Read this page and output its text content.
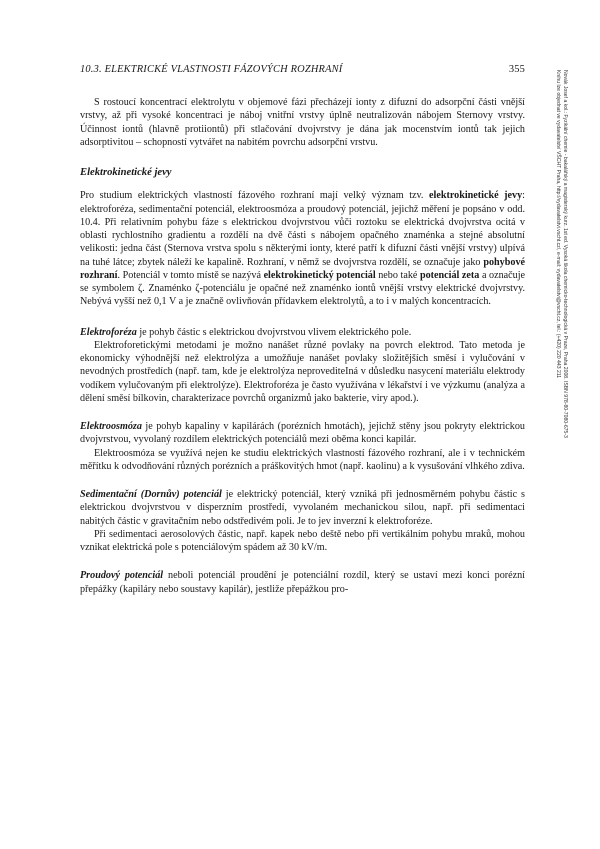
10.3. ELEKTRICKÉ VLASTNOSTI FÁZOVÝCH ROZHRANÍ	355
Novák Josef a kol.: Fyzikální chemie - bakalářský a magisterský kurz. 1st ed. Vysoká škola chemicko-technologická v Praze, Praha 2008. ISBN 978-80-7080-675-3
Knihu lze objednat ve vydavatelství VŠCHT Praha, http://vydavatelstvi.vscht.cz/, e-mail: vydavatelstvi@vscht.cz, tel.: (+420) 220 443 211

S rostoucí koncentrací elektrolytu v objemové fázi přecházejí ionty z difuzní do adsorpční části vnější vrstvy, až při vysoké koncentraci je náboj vnitřní vrstvy úplně neutralizován nábojem Sternovy vrstvy. Účinnost iontů (hlavně protiiontů) při stlačování dvojvrstvy je dána jak mocenstvím iontů tak jejich adsorptivitou – schopností vytvářet na nabitém povrchu adsorpční vrstvu.

Elektrokinetické jevy

Pro studium elektrických vlastností fázového rozhraní mají velký význam tzv. elektrokinetické jevy: elektroforéza, sedimentační potenciál, elektroosmóza a proudový potenciál, jejichž měření je popsáno v odd. 10.4. Při relativním pohybu fáze s elektrickou dvojvrstvou vůči roztoku se elektrická dvojvrstva ocitá v oblasti rychlostního gradientu a rozdělí na dvě části s nábojem opačného znaménka a stejné absolutní velikosti: jedna část (Sternova vrstva spolu s některými ionty, které patří k difuzní části vnější vrstvy) ulpívá na tuhé látce; zbytek náleží ke kapalině. Rozhraní, v němž se dvojvrstva rozdělí, se označuje jako pohybové rozhraní. Potenciál v tomto místě se nazývá elektrokinetický potenciál nebo také potenciál zeta a označuje se symbolem ζ. Znaménko ζ-potenciálu je opačné než znaménko iontů vnější vrstvy elektrické dvojvrstvy. Nebývá vyšší než 0,1 V a je značně ovlivňován přídavkem elektrolytů, a to i v malých koncentracích.

Elektroforéza je pohyb částic s elektrickou dvojvrstvou vlivem elektrického pole.

Elektroforetickými metodami je možno nanášet různé povlaky na povrch elektrod. Tato metoda je ekonomicky výhodnější než elektrolýza a umožňuje nanášet povlaky složitějších směsí i vylučování v nevodných prostředích (např. tam, kde je elektrolýza neprovediteIná v důsledku nasycení materiálu elektrody vodíkem vylučovaným při elektrolýze). Elektroforéza je často využívána v lékařství i ve výzkumu (analýza a dělení směsí bílkovin, charakterizace povrchů organizmů jako bakterie, viry apod.).

Elektroosmóza je pohyb kapaliny v kapilárách (porézních hmotách), jejichž stěny jsou pokryty elektrickou dvojvrstvou, vyvolaný rozdílem elektrických potenciálů mezi oběma konci kapilár.

Elektroosmóza se využívá nejen ke studiu elektrických vlastností fázového rozhraní, ale i v technickém měřítku k odvodňování různých porézních a práškovitých hmot (např. kaolinu) a k vysušování vlhkého zdiva.

Sedimentační (Dornův) potenciál je elektrický potenciál, který vzniká při jednosměrném pohybu částic s elektrickou dvojvrstvou v disperzním prostředí, vyvolaném mechanickou silou, např. při sedimentaci nabitých částic v gravitačním nebo odstředivém poli. Je to jev inverzní k elektroforéze.

Při sedimentaci aerosolových částic, např. kapek nebo deště nebo při vertikálním pohybu mraků, mohou vznikat elektrická pole s potenciálovým spádem až 30 kV/m.

Proudový potenciál neboli potenciál proudění je potenciální rozdíl, který se ustaví mezi konci porézní přepážky (kapiláry nebo soustavy kapilár), jestliže přepážkou pro-
